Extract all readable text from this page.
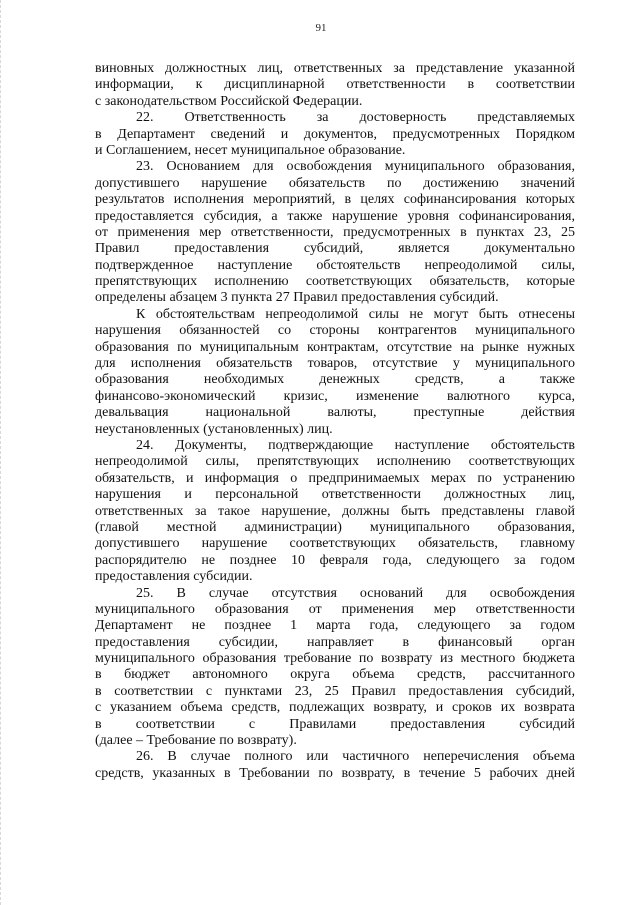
91
виновных должностных лиц, ответственных за представление указанной
информации, к дисциплинарной ответственности в соответствии
с законодательством Российской Федерации.
22. Ответственность за достоверность представляемых
в Департамент сведений и документов, предусмотренных Порядком
и Соглашением, несет муниципальное образование.
23. Основанием для освобождения муниципального образования,
допустившего нарушение обязательств по достижению значений
результатов исполнения мероприятий, в целях софинансирования которых
предоставляется субсидия, а также нарушение уровня софинансирования,
от применения мер ответственности, предусмотренных в пунктах 23, 25
Правил предоставления субсидий, является документально
подтвержденное наступление обстоятельств непреодолимой силы,
препятствующих исполнению соответствующих обязательств, которые
определены абзацем 3 пункта 27 Правил предоставления субсидий.
К обстоятельствам непреодолимой силы не могут быть отнесены
нарушения обязанностей со стороны контрагентов муниципального
образования по муниципальным контрактам, отсутствие на рынке нужных
для исполнения обязательств товаров, отсутствие у муниципального
образования необходимых денежных средств, а также
финансово-экономический кризис, изменение валютного курса,
девальвация национальной валюты, преступные действия
неустановленных (установленных) лиц.
24. Документы, подтверждающие наступление обстоятельств
непреодолимой силы, препятствующих исполнению соответствующих
обязательств, и информация о предпринимаемых мерах по устранению
нарушения и персональной ответственности должностных лиц,
ответственных за такое нарушение, должны быть представлены главой
(главой местной администрации) муниципального образования,
допустившего нарушение соответствующих обязательств, главному
распорядителю не позднее 10 февраля года, следующего за годом
предоставления субсидии.
25. В случае отсутствия оснований для освобождения
муниципального образования от применения мер ответственности
Департамент не позднее 1 марта года, следующего за годом
предоставления субсидии, направляет в финансовый орган
муниципального образования требование по возврату из местного бюджета
в бюджет автономного округа объема средств, рассчитанного
в соответствии с пунктами 23, 25 Правил предоставления субсидий,
с указанием объема средств, подлежащих возврату, и сроков их возврата
в соответствии с Правилами предоставления субсидий
(далее – Требование по возврату).
26. В случае полного или частичного неперечисления объема
средств, указанных в Требовании по возврату, в течение 5 рабочих дней
